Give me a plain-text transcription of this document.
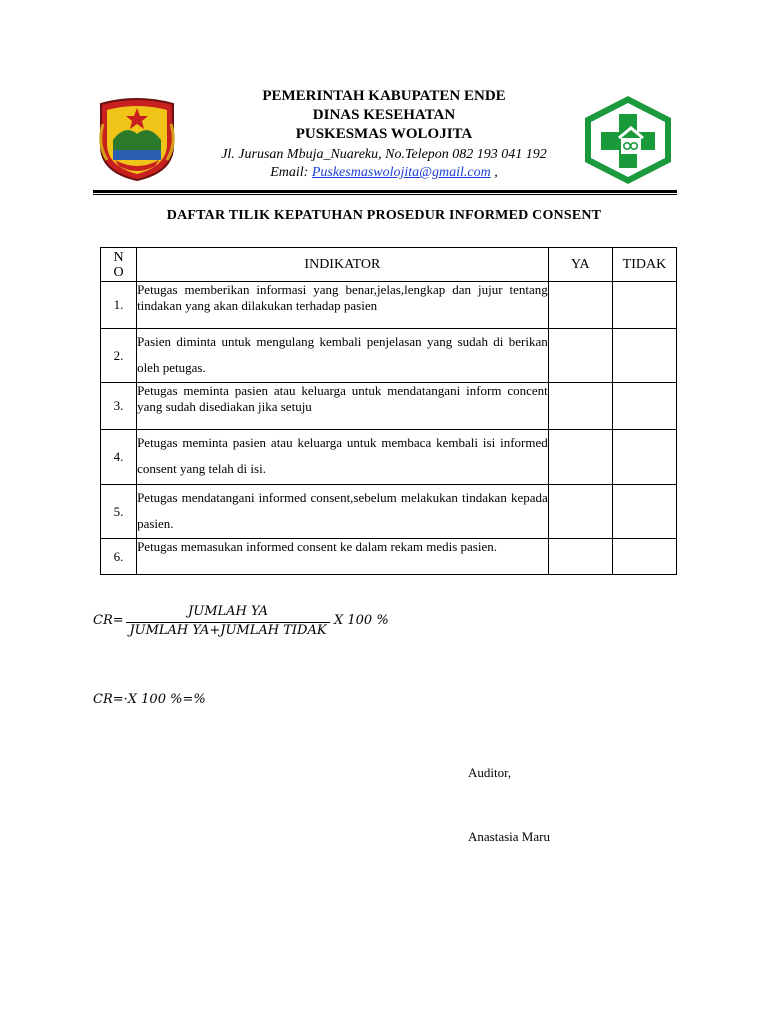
PEMERINTAH KABUPATEN ENDE
DINAS KESEHATAN
PUSKESMAS WOLOJITA
Jl. Jurusan Mbuja_Nuareku, No.Telepon 082 193 041 192
Email: Puskesmaswolojita@gmail.com ,
DAFTAR TILIK KEPATUHAN PROSEDUR INFORMED CONSENT
N
O	INDIKATOR	YA	TIDAK
1.	Petugas memberikan informasi yang benar,jelas,lengkap dan jujur tentang tindakan yang akan dilakukan terhadap pasien		
2.	Pasien diminta untuk mengulang kembali penjelasan yang sudah di berikan oleh petugas.		
3.	Petugas meminta pasien atau keluarga untuk mendatangani inform concent yang sudah disediakan jika setuju		
4.	Petugas meminta pasien atau keluarga untuk membaca kembali isi informed consent yang telah di isi.		
5.	Petugas mendatangani informed consent,sebelum melakukan tindakan kepada pasien.		
6.	Petugas memasukan informed consent ke dalam rekam medis pasien.		
CR=
JUMLAH YA
JUMLAH YA+JUMLAH TIDAK
X 100 %
CR=·X 100 %=%
Auditor,
Anastasia Maru
